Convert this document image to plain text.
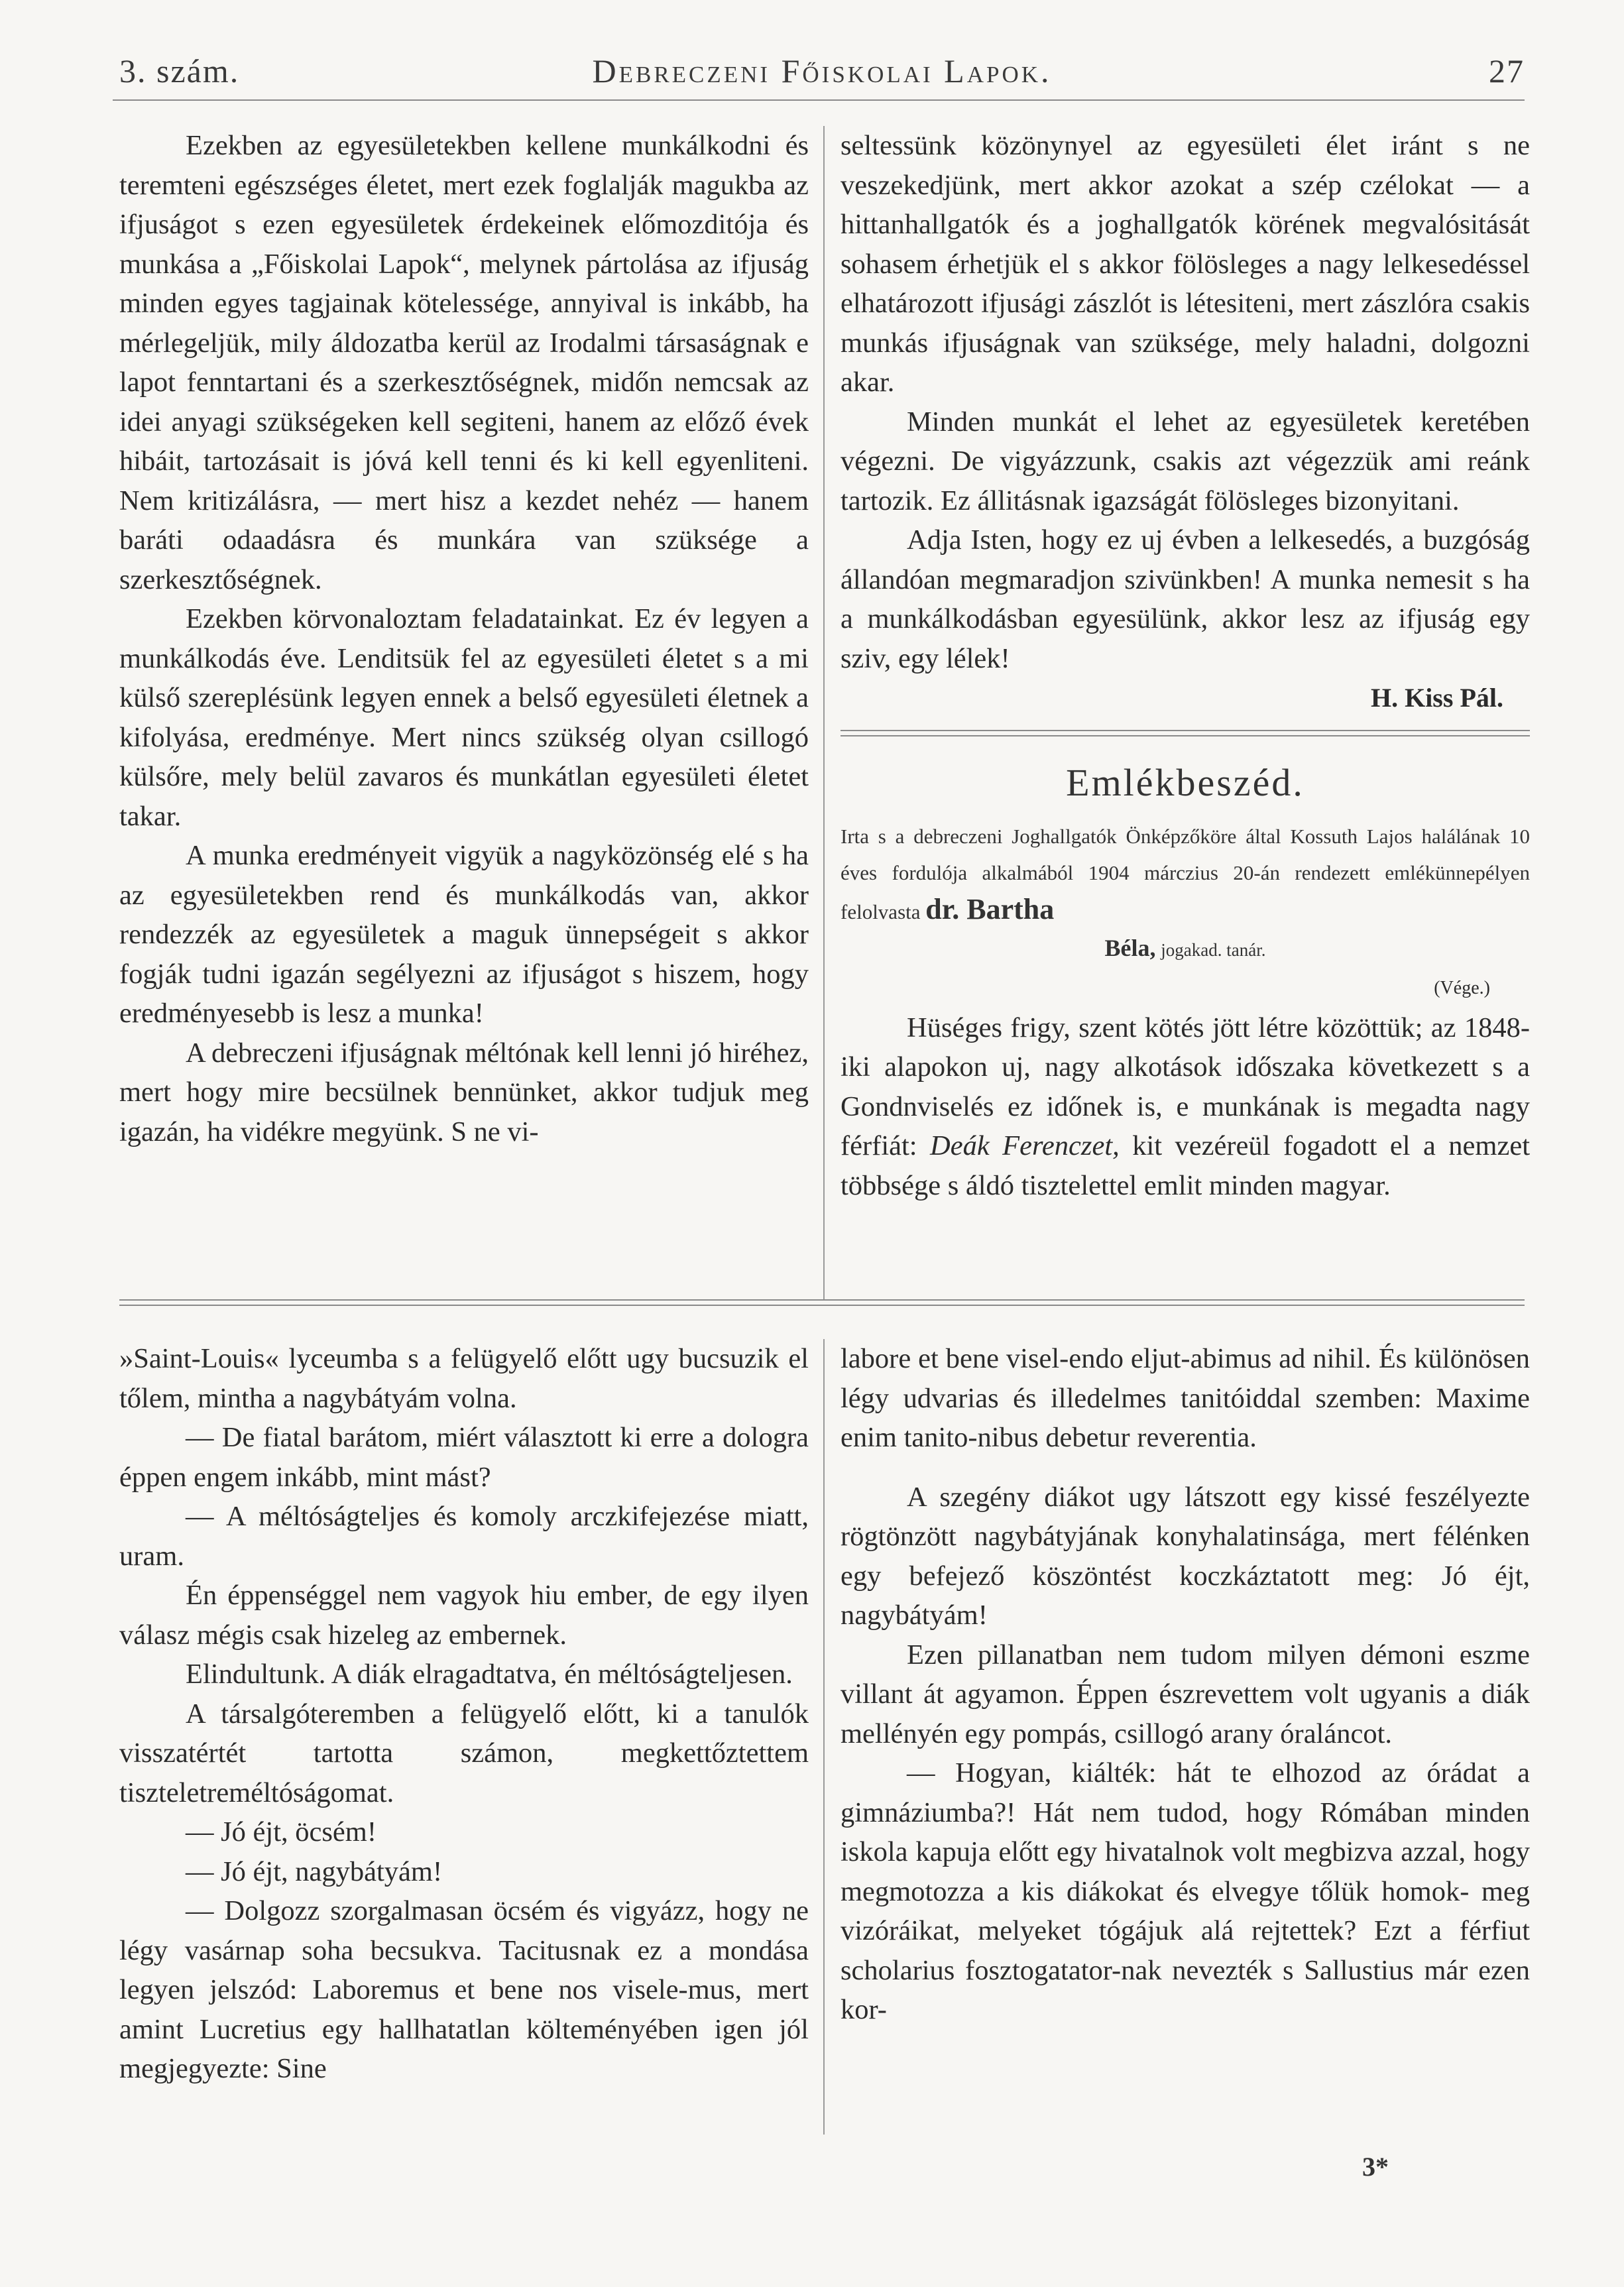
3. szám.	Debreczeni Főiskolai Lapok.	27

Ezekben az egyesületekben kellene munkálkodni és teremteni egészséges életet, mert ezek foglalják magukba az ifjuságot s ezen egyesületek érdekeinek előmozditója és munkása a „Főiskolai Lapok“, melynek pártolása az ifjuság minden egyes tagjainak kötelessége, annyival is inkább, ha mérlegeljük, mily áldozatba kerül az Irodalmi társaságnak e lapot fenntartani és a szerkesztőségnek, midőn nemcsak az idei anyagi szükségeken kell segiteni, hanem az előző évek hibáit, tartozásait is jóvá kell tenni és ki kell egyenliteni. Nem kritizálásra, — mert hisz a kezdet nehéz — hanem baráti odaadásra és munkára van szüksége a szerkesztőségnek.

Ezekben körvonaloztam feladatainkat. Ez év legyen a munkálkodás éve. Lenditsük fel az egyesületi életet s a mi külső szereplésünk legyen ennek a belső egyesületi életnek a kifolyása, eredménye. Mert nincs szükség olyan csillogó külsőre, mely belül zavaros és munkátlan egyesületi életet takar.

A munka eredményeit vigyük a nagyközönség elé s ha az egyesületekben rend és munkálkodás van, akkor rendezzék az egyesületek a maguk ünnepségeit s akkor fogják tudni igazán segélyezni az ifjuságot s hiszem, hogy eredményesebb is lesz a munka!

A debreczeni ifjuságnak méltónak kell lenni jó hiréhez, mert hogy mire becsülnek bennünket, akkor tudjuk meg igazán, ha vidékre megyünk. S ne vi-

seltessünk közönynyel az egyesületi élet iránt s ne veszekedjünk, mert akkor azokat a szép czélokat — a hittanhallgatók és a joghallgatók körének megvalósitását sohasem érhetjük el s akkor fölösleges a nagy lelkesedéssel elhatározott ifjusági zászlót is létesiteni, mert zászlóra csakis munkás ifjuságnak van szüksége, mely haladni, dolgozni akar.

Minden munkát el lehet az egyesületek keretében végezni. De vigyázzunk, csakis azt végezzük ami reánk tartozik. Ez állitásnak igazságát fölösleges bizonyitani.

Adja Isten, hogy ez uj évben a lelkesedés, a buzgóság állandóan megmaradjon szivünkben! A munka nemesit s ha a munkálkodásban egyesülünk, akkor lesz az ifjuság egy sziv, egy lélek!

H. Kiss Pál.
Emlékbeszéd.
Irta s a debreczeni Joghallgatók Önképzőköre által Kossuth Lajos halálának 10 éves fordulója alkalmából 1904 márczius 20-án rendezett emlékünnepélyen felolvasta dr. Bartha
Béla, jogakad. tanár.
(Vége.)

Hüséges frigy, szent kötés jött létre közöttük; az 1848-iki alapokon uj, nagy alkotások időszaka következett s a Gondnviselés ez időnek is, e munkának is megadta nagy férfiát: Deák Ferenczet, kit vezéreül fogadott el a nemzet többsége s áldó tisztelettel emlit minden magyar.

»Saint-Louis« lyceumba s a felügyelő előtt ugy bucsuzik el tőlem, mintha a nagybátyám volna.

— De fiatal barátom, miért választott ki erre a dologra éppen engem inkább, mint mást?

— A méltóságteljes és komoly arczkifejezése miatt, uram.

Én éppenséggel nem vagyok hiu ember, de egy ilyen válasz mégis csak hizeleg az embernek.

Elindultunk. A diák elragadtatva, én méltóságteljesen.

A társalgóteremben a felügyelő előtt, ki a tanulók visszatértét tartotta számon, megkettőztettem tiszteletreméltóságomat.

— Jó éjt, öcsém!

— Jó éjt, nagybátyám!

— Dolgozz szorgalmasan öcsém és vigyázz, hogy ne légy vasárnap soha becsukva. Tacitusnak ez a mondása legyen jelszód: Laboremus et bene nos visele-mus, mert amint Lucretius egy hallhatatlan költeményében igen jól megjegyezte: Sine

labore et bene visel-endo eljut-abimus ad nihil. És különösen légy udvarias és illedelmes tanitóiddal szemben: Maxime enim tanito-nibus debetur reverentia.

A szegény diákot ugy látszott egy kissé feszélyezte rögtönzött nagybátyjának konyhalatinsága, mert félénken egy befejező köszöntést koczkáztatott meg: Jó éjt, nagybátyám!

Ezen pillanatban nem tudom milyen démoni eszme villant át agyamon. Éppen észrevettem volt ugyanis a diák mellényén egy pompás, csillogó arany óraláncot.

— Hogyan, kiálték: hát te elhozod az órádat a gimnáziumba?! Hát nem tudod, hogy Rómában minden iskola kapuja előtt egy hivatalnok volt megbizva azzal, hogy megmotozza a kis diákokat és elvegye tőlük homok- meg vizóráikat, melyeket tógájuk alá rejtettek? Ezt a férfiut scholarius fosztogatator-nak nevezték s Sallustius már ezen kor-

3*
